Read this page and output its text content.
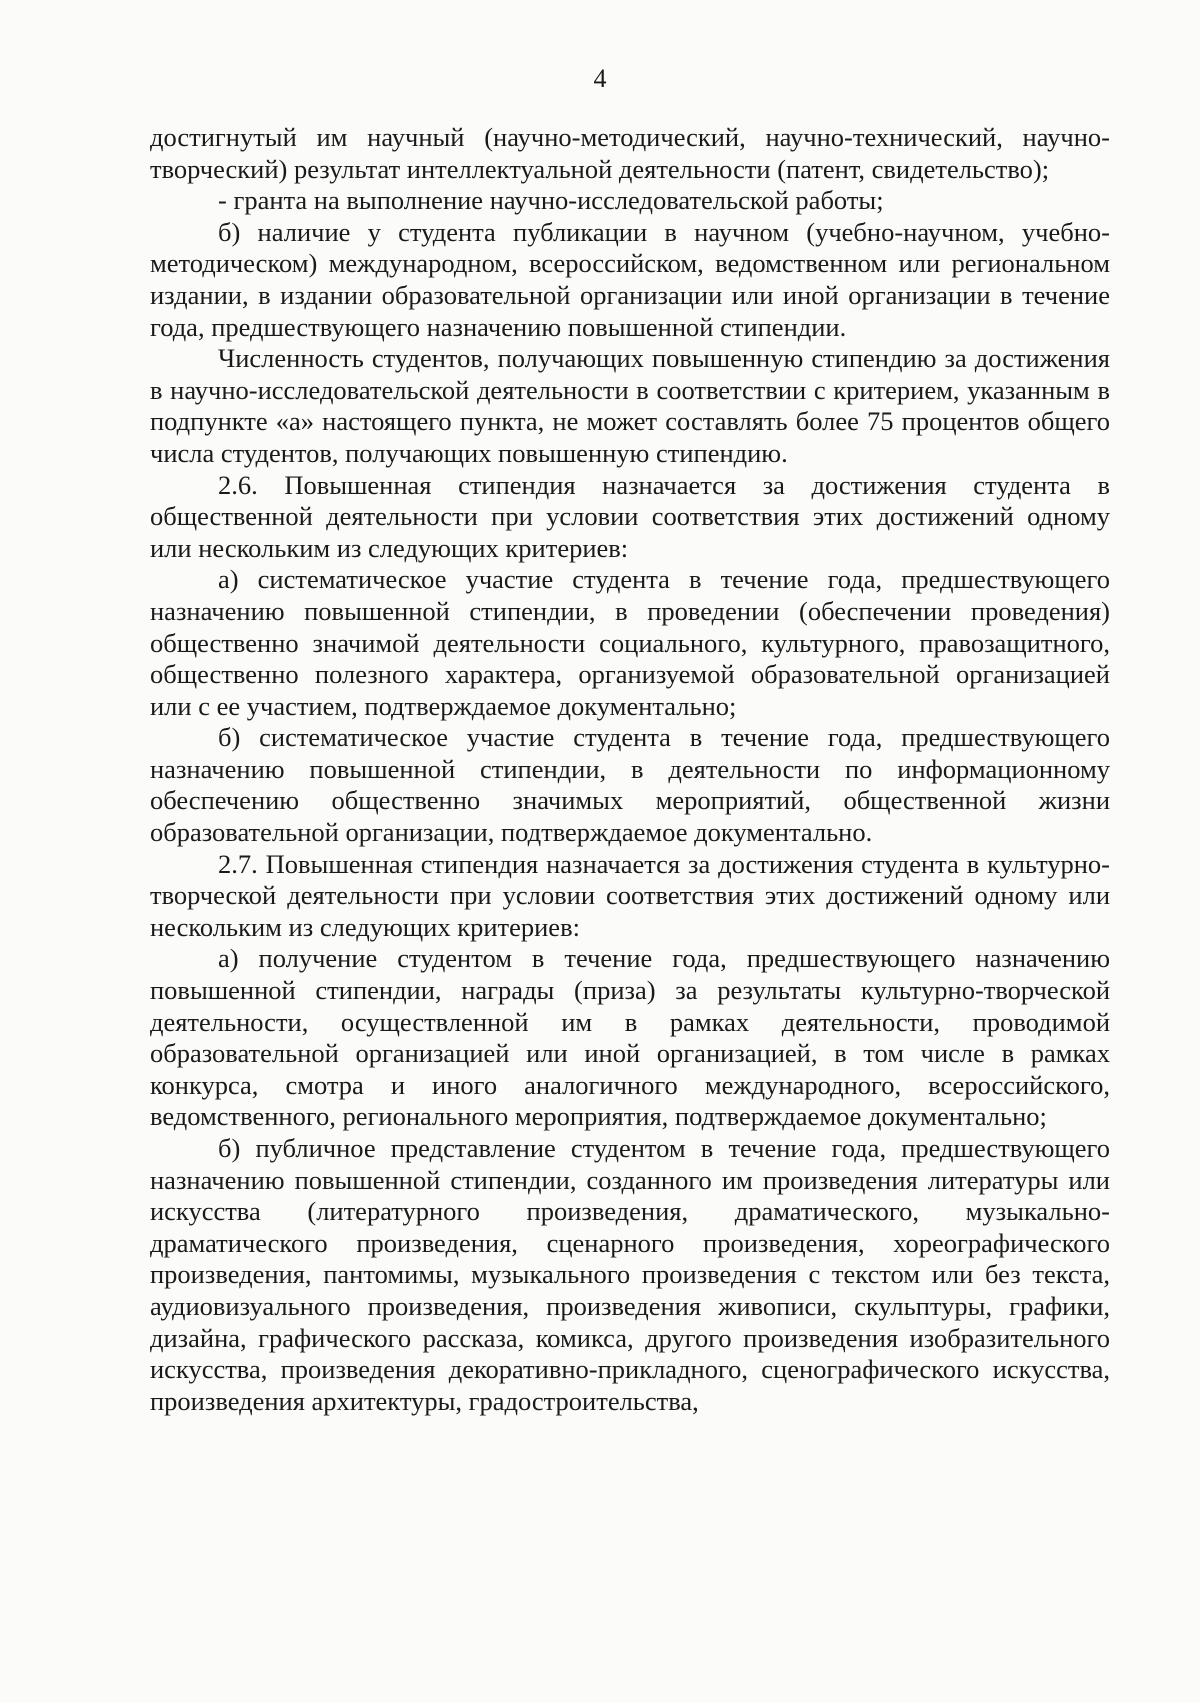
4

достигнутый им научный (научно-методический, научно-технический, научно-творческий) результат интеллектуальной деятельности (патент, свидетельство);

- гранта на выполнение научно-исследовательской работы;

б) наличие у студента публикации в научном (учебно-научном, учебно-методическом) международном, всероссийском, ведомственном или региональном издании, в издании образовательной организации или иной организации в течение года, предшествующего назначению повышенной стипендии.

Численность студентов, получающих повышенную стипендию за достижения в научно-исследовательской деятельности в соответствии с критерием, указанным в подпункте «а» настоящего пункта, не может составлять более 75 процентов общего числа студентов, получающих повышенную стипендию.

2.6. Повышенная стипендия назначается за достижения студента в общественной деятельности при условии соответствия этих достижений одному или нескольким из следующих критериев:

а) систематическое участие студента в течение года, предшествующего назначению повышенной стипендии, в проведении (обеспечении проведения) общественно значимой деятельности социального, культурного, правозащитного, общественно полезного характера, организуемой образовательной организацией или с ее участием, подтверждаемое документально;

б) систематическое участие студента в течение года, предшествующего назначению повышенной стипендии, в деятельности по информационному обеспечению общественно значимых мероприятий, общественной жизни образовательной организации, подтверждаемое документально.

2.7. Повышенная стипендия назначается за достижения студента в культурно-творческой деятельности при условии соответствия этих достижений одному или нескольким из следующих критериев:

а) получение студентом в течение года, предшествующего назначению повышенной стипендии, награды (приза) за результаты культурно-творческой деятельности, осуществленной им в рамках деятельности, проводимой образовательной организацией или иной организацией, в том числе в рамках конкурса, смотра и иного аналогичного международного, всероссийского, ведомственного, регионального мероприятия, подтверждаемое документально;

б) публичное представление студентом в течение года, предшествующего назначению повышенной стипендии, созданного им произведения литературы или искусства (литературного произведения, драматического, музыкально-драматического произведения, сценарного произведения, хореографического произведения, пантомимы, музыкального произведения с текстом или без текста, аудиовизуального произведения, произведения живописи, скульптуры, графики, дизайна, графического рассказа, комикса, другого произведения изобразительного искусства, произведения декоративно-прикладного, сценографического искусства, произведения архитектуры, градостроительства,
